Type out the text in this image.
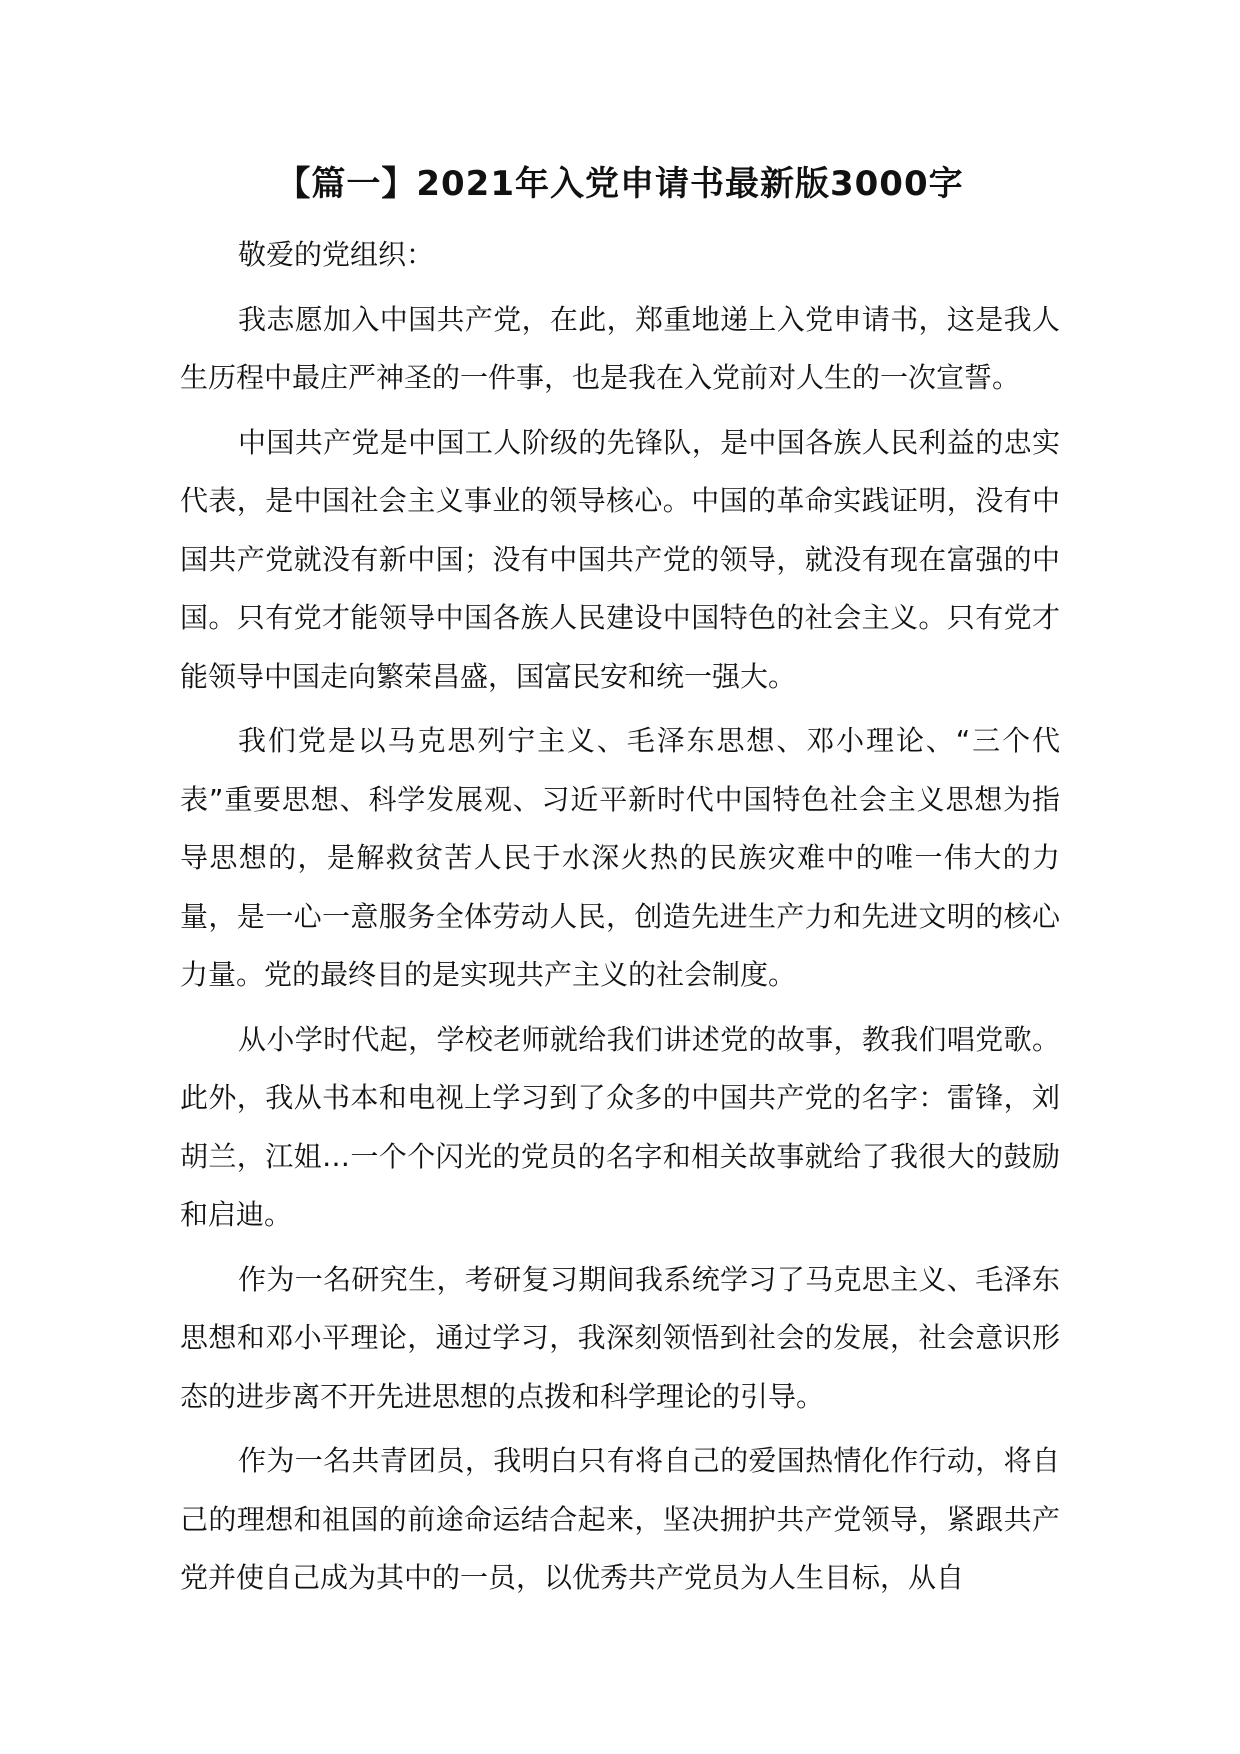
【篇一】2021年入党申请书最新版3000字

敬爱的党组织：

我志愿加入中国共产党，在此，郑重地递上入党申请书，这是我人生历程中最庄严神圣的一件事，也是我在入党前对人生的一次宣誓。

中国共产党是中国工人阶级的先锋队，是中国各族人民利益的忠实代表，是中国社会主义事业的领导核心。中国的革命实践证明，没有中国共产党就没有新中国；没有中国共产党的领导，就没有现在富强的中国。只有党才能领导中国各族人民建设中国特色的社会主义。只有党才能领导中国走向繁荣昌盛，国富民安和统一强大。

我们党是以马克思列宁主义、毛泽东思想、邓小理论、“三个代表”重要思想、科学发展观、习近平新时代中国特色社会主义思想为指导思想的，是解救贫苦人民于水深火热的民族灾难中的唯一伟大的力量，是一心一意服务全体劳动人民，创造先进生产力和先进文明的核心力量。党的最终目的是实现共产主义的社会制度。

从小学时代起，学校老师就给我们讲述党的故事，教我们唱党歌。此外，我从书本和电视上学习到了众多的中国共产党的名字：雷锋，刘胡兰，江姐…一个个闪光的党员的名字和相关故事就给了我很大的鼓励和启迪。

作为一名研究生，考研复习期间我系统学习了马克思主义、毛泽东思想和邓小平理论，通过学习，我深刻领悟到社会的发展，社会意识形态的进步离不开先进思想的点拨和科学理论的引导。

作为一名共青团员，我明白只有将自己的爱国热情化作行动，将自己的理想和祖国的前途命运结合起来，坚决拥护共产党领导，紧跟共产党并使自己成为其中的一员，以优秀共产党员为人生目标，从自
